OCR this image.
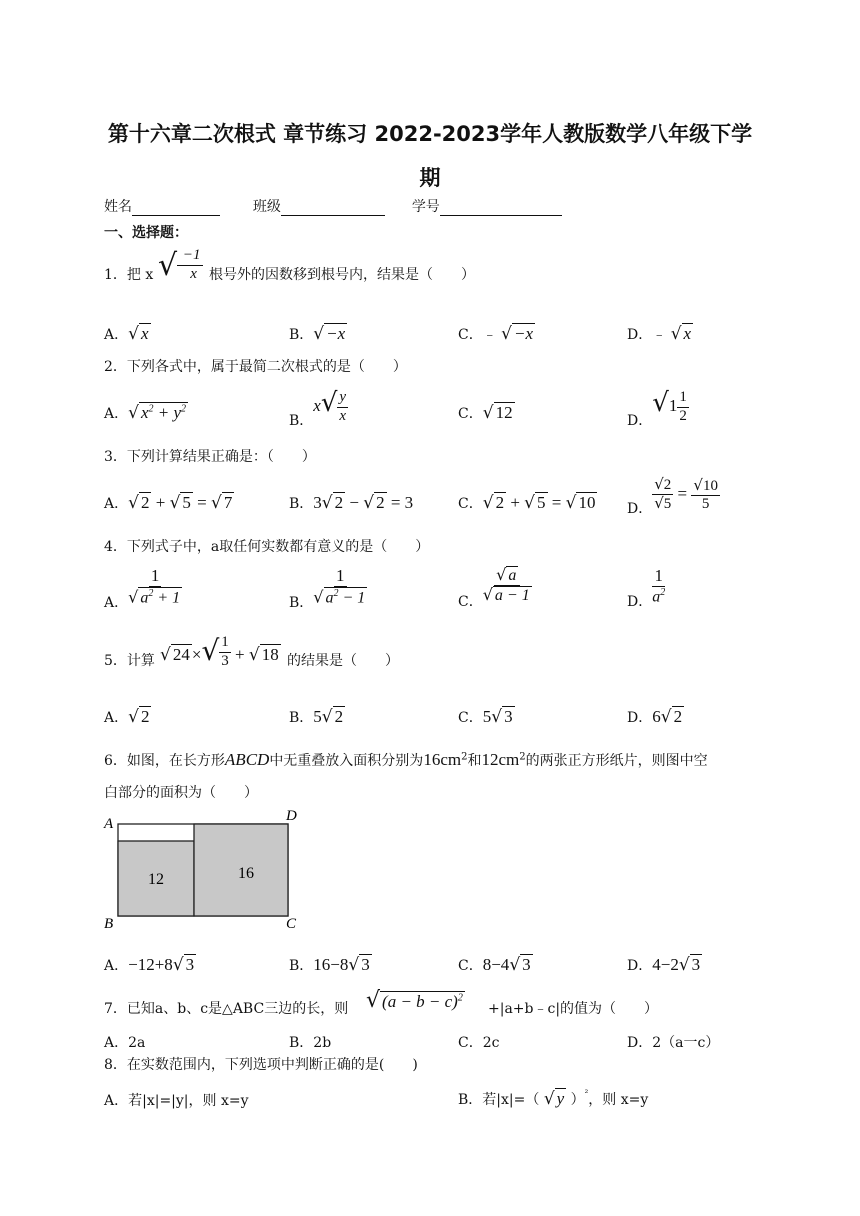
第十六章二次根式 章节练习 2022-2023学年人教版数学八年级下学
期
姓名	班级	学号
一、选择题：
1．把 x √ $\frac{-1}{x}$ 根号外的因数移到根号内，结果是（　　）
A．√ x	B．√ −x	C．﹣ √ −x	D．﹣ √ x
2．下列各式中，属于最简二次根式的是（　　）
A．√ $x^2 + y^2$
B．$x√ \frac{y}{x}$	C．√ 12	D．$√1 \frac{1}{2}$
3．下列计算结果正确是：（　　）
A．√ 2 + √ 5 = √ 7	B．3√ 2 − √ 2 = 3	C．√ 2 + √ 5 = √ 10 D． $\frac{√2}{√5} = \frac{√10}{5}$
4．下列式子中，a取任何实数都有意义的是（　　）
A． $\frac{1}{√ a^2 + 1}$	B． $\frac{1}{√ a^2 - 1}$	C． $\frac{√ a}{√ a - 1}$	D． $\frac{1}{a^2}$
5．计算 √ 24 ×√ $\frac{1}{3}$ + √ 18 的结果是（　　）
A．√ 2	B．5√ 2	C．5√ 3	D．6√ 2
6．如图，在长方形ABCD中无重叠放入面积分别为$16cm^2$和$12cm^2$的两张正方形纸片，则图中空
白部分的面积为（　　）
A	D
B	C
12	16
A．−12+8√ 3	B．16−8√ 3	C．8−4√ 3	D．4−2√ 3
7．已知a、b、c是△ABC三边的长，则 √ $(a - b - c)^2$
+|a+b﹣c|的值为（　　）
A．2a	B．2b	C．2c	D．2（a一c）
8．在实数范围内，下列选项中判断正确的是(　　)
A．若|x|=|y|，则 x=y	B．若|x|=（ √ y ）$^{^2}$，则 x=y
